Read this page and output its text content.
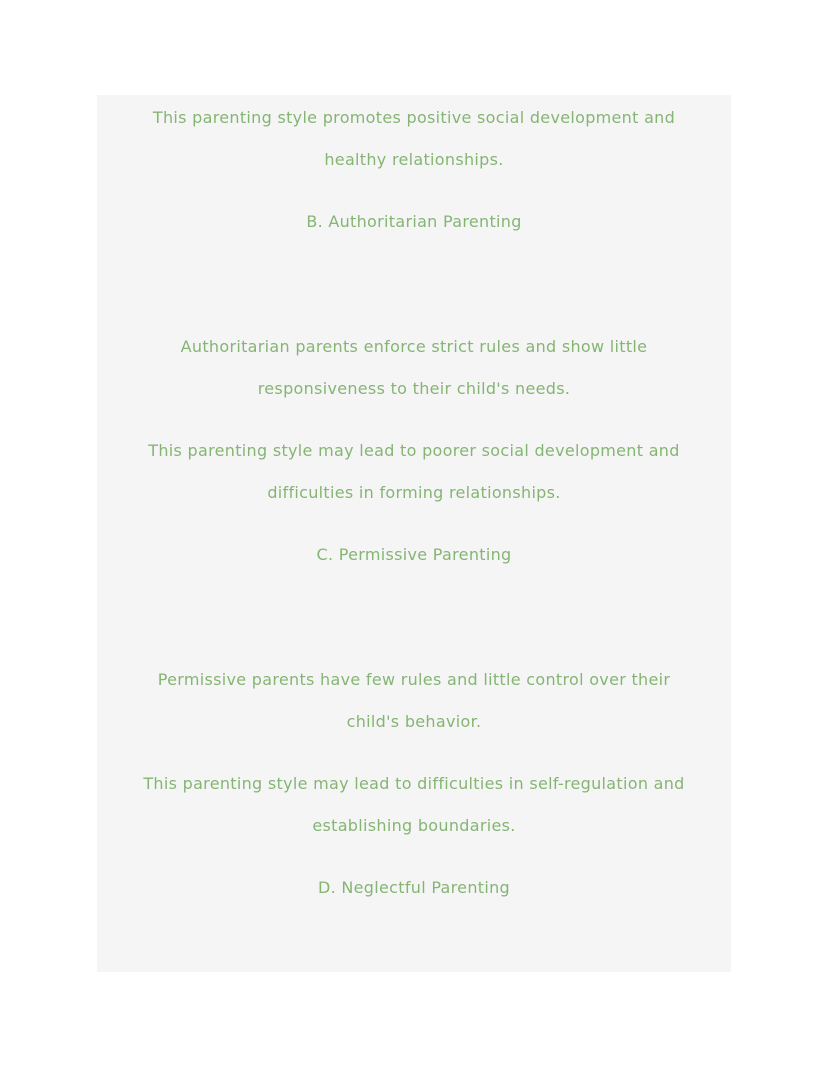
This parenting style promotes positive social development and
healthy relationships.
B. Authoritarian Parenting
Authoritarian parents enforce strict rules and show little
responsiveness to their child's needs.
This parenting style may lead to poorer social development and
difficulties in forming relationships.
C. Permissive Parenting
Permissive parents have few rules and little control over their
child's behavior.
This parenting style may lead to difficulties in self-regulation and
establishing boundaries.
D. Neglectful Parenting
